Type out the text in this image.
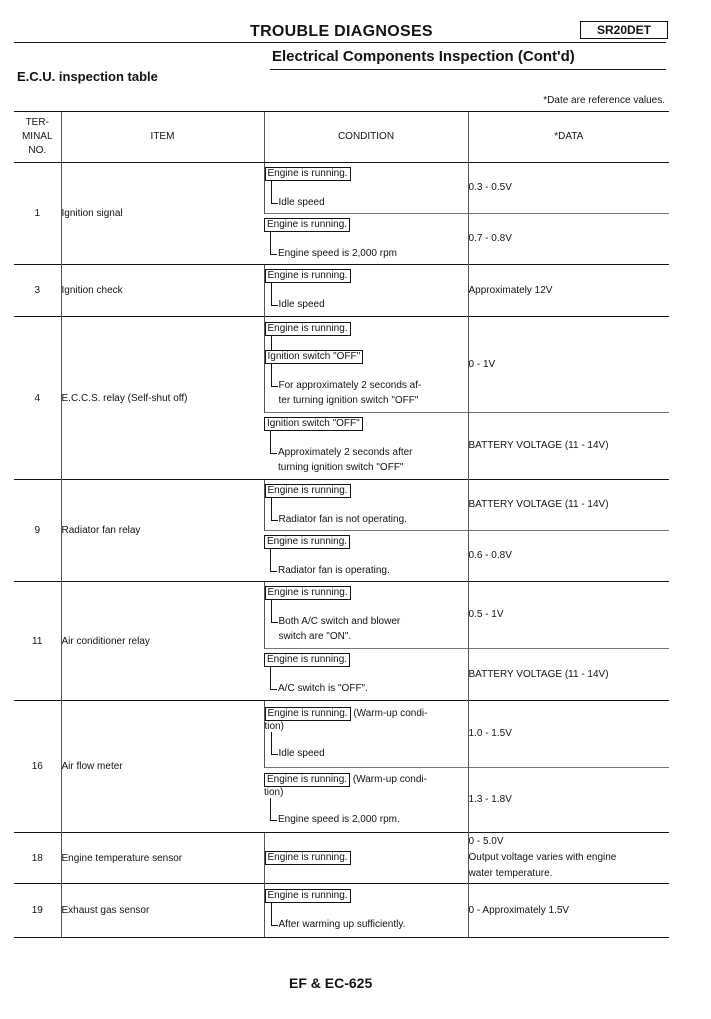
TROUBLE DIAGNOSES	SR20DET
Electrical Components Inspection (Cont'd)
E.C.U. inspection table
*Date are reference values.
TER-
MINAL
NO.	ITEM	CONDITION	*DATA
1	Ignition signal	Engine is running.
Idle speed	0.3 - 0.5V

		Engine is running.
Engine speed is 2,000 rpm	0.7 - 0.8V
3	Ignition check	Engine is running.
Idle speed	Approximately 12V
4	E.C.C.S. relay (Self-shut off)	Engine is running.
Ignition switch "OFF"
For approximately 2 seconds af-
ter turning ignition switch "OFF"	0 - 1V

		Ignition switch "OFF"
Approximately 2 seconds after
turning ignition switch "OFF"	BATTERY VOLTAGE (11 - 14V)
9	Radiator fan relay	Engine is running.
Radiator fan is not operating.	BATTERY VOLTAGE (11 - 14V)

		Engine is running.
Radiator fan is operating.	0.6 - 0.8V
11	Air conditioner relay	Engine is running.
Both A/C switch and blower
switch are "ON".	0.5 - 1V

		Engine is running.
A/C switch is "OFF".	BATTERY VOLTAGE (11 - 14V)
16	Air flow meter	Engine is running. (Warm-up condi-
tion)
Idle speed	1.0 - 1.5V

		Engine is running. (Warm-up condi-
tion)
Engine speed is 2,000 rpm.	1.3 - 1.8V
18	Engine temperature sensor	Engine is running.	0 - 5.0V
Output voltage varies with engine
water temperature.
19	Exhaust gas sensor	Engine is running.
After warming up sufficiently.	0 - Approximately 1.5V
EF & EC-625
